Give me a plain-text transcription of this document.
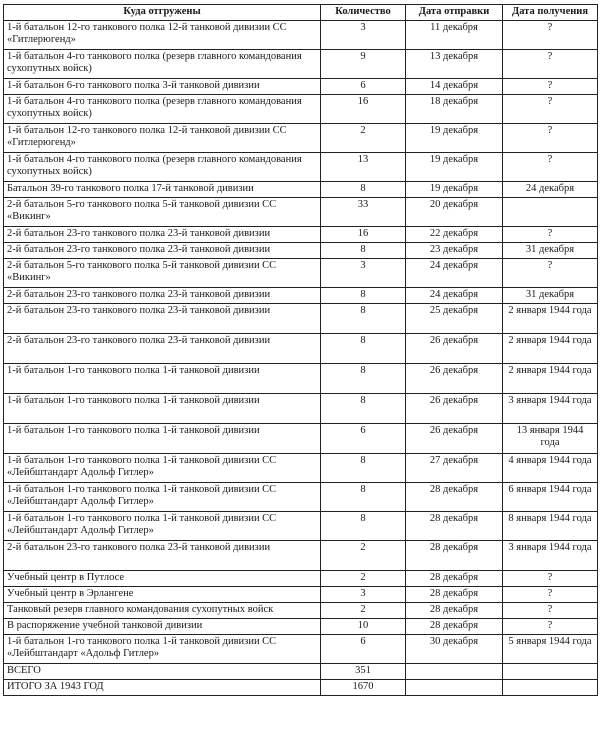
Куда отгружены	Количество	Дата отправки	Дата получения
1-й батальон 12-го танкового полка 12-й танковой дивизии СС «Гитлерюгенд»	3	11 декабря	?
1-й батальон 4-го танкового полка (резерв главного командования сухопутных войск)	9	13 декабря	?
1-й батальон 6-го танкового полка 3-й танковой дивизии	6	14 декабря	?
1-й батальон 4-го танкового полка (резерв главного командования сухопутных войск)	16	18 декабря	?
1-й батальон 12-го танкового полка 12-й танковой дивизии СС «Гитлерюгенд»	2	19 декабря	?
1-й батальон 4-го танкового полка (резерв главного командования сухопутных войск)	13	19 декабря	?
Батальон 39-го танкового полка 17-й танковой дивизии	8	19 декабря	24 декабря
2-й батальон 5-го танкового полка 5-й танковой дивизии СС «Викинг»	33	20 декабря	
2-й батальон 23-го танкового полка 23-й танковой дивизии	16	22 декабря	?
2-й батальон 23-го танкового полка 23-й танковой дивизии	8	23 декабря	31 декабря
2-й батальон 5-го танкового полка 5-й танковой дивизии СС «Викинг»	3	24 декабря	?
2-й батальон 23-го танкового полка 23-й танковой дивизии	8	24 декабря	31 декабря
2-й батальон 23-го танкового полка 23-й танковой дивизии	8	25 декабря	2 января 1944 года
2-й батальон 23-го танкового полка 23-й танковой дивизии	8	26 декабря	2 января 1944 года
1-й батальон 1-го танкового полка 1-й танковой дивизии	8	26 декабря	2 января 1944 года
1-й батальон 1-го танкового полка 1-й танковой дивизии	8	26 декабря	3 января 1944 года
1-й батальон 1-го танкового полка 1-й танковой дивизии	6	26 декабря	13 января 1944 года
1-й батальон 1-го танкового полка 1-й танковой дивизии СС «Лейбштандарт Адольф Гитлер»	8	27 декабря	4 января 1944 года
1-й батальон 1-го танкового полка 1-й танковой дивизии СС «Лейбштандарт Адольф Гитлер»	8	28 декабря	6 января 1944 года
1-й батальон 1-го танкового полка 1-й танковой дивизии СС «Лейбштандарт Адольф Гитлер»	8	28 декабря	8 января 1944 года
2-й батальон 23-го танкового полка 23-й танковой дивизии	2	28 декабря	3 января 1944 года
Учебный центр в Путлосе	2	28 декабря	?
Учебный центр в Эрлангене	3	28 декабря	?
Танковый резерв главного командования сухопутных войск	2	28 декабря	?
В распоряжение учебной танковой дивизии	10	28 декабря	?
1-й батальон 1-го танкового полка 1-й танковой дивизии СС «Лейбштандарт «Адольф Гитлер»	6	30 декабря	5 января 1944 года
ВСЕГО	351		
ИТОГО ЗА 1943 ГОД	1670		
